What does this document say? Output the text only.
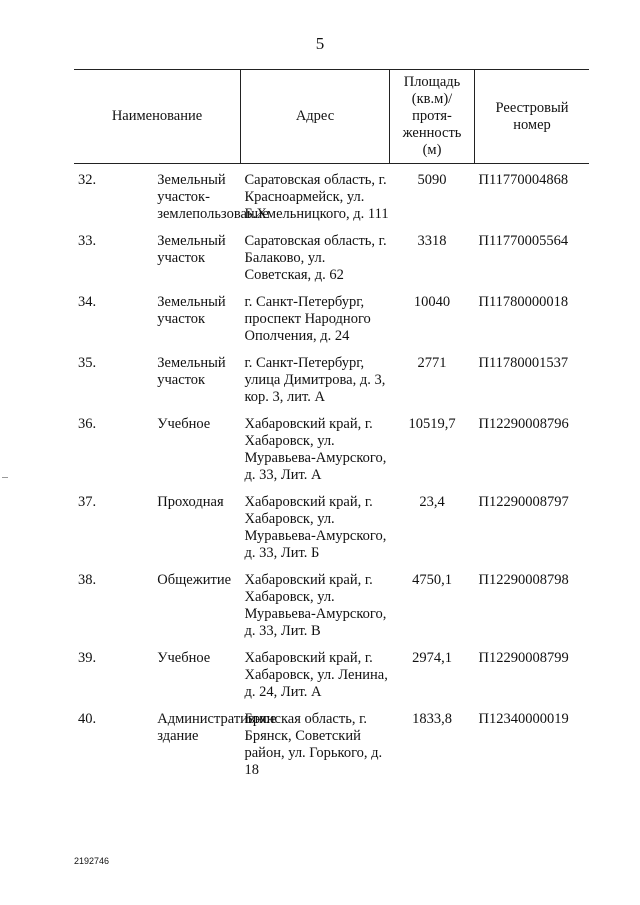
5
Наименование		Адрес	Площадь (кв.м)/протя-женность (м)	Реестровый номер

32.	Земельный участок-землепользование	Саратовская область, г. Красноармейск, ул. Б.Хмельницкого, д. 111	5090	П11770004868
33.	Земельный участок	Саратовская область, г. Балаково, ул. Советская, д. 62	3318	П11770005564
34.	Земельный участок	г. Санкт-Петербург, проспект Народного Ополчения, д. 24	10040	П11780000018
35.	Земельный участок	г. Санкт-Петербург, улица Димитрова, д. 3, кор. 3, лит. А	2771	П11780001537
36.	Учебное	Хабаровский край, г. Хабаровск, ул. Муравьева-Амурского, д. 33, Лит. А	10519,7	П12290008796
37.	Проходная	Хабаровский край, г. Хабаровск, ул. Муравьева-Амурского, д. 33, Лит. Б	23,4	П12290008797
38.	Общежитие	Хабаровский край, г. Хабаровск, ул. Муравьева-Амурского, д. 33, Лит. В	4750,1	П12290008798
39.	Учебное	Хабаровский край, г. Хабаровск, ул. Ленина, д. 24, Лит. А	2974,1	П12290008799
40.	Административное здание	Брянская область, г. Брянск, Советский район, ул. Горького, д. 18	1833,8	П12340000019
2192746
